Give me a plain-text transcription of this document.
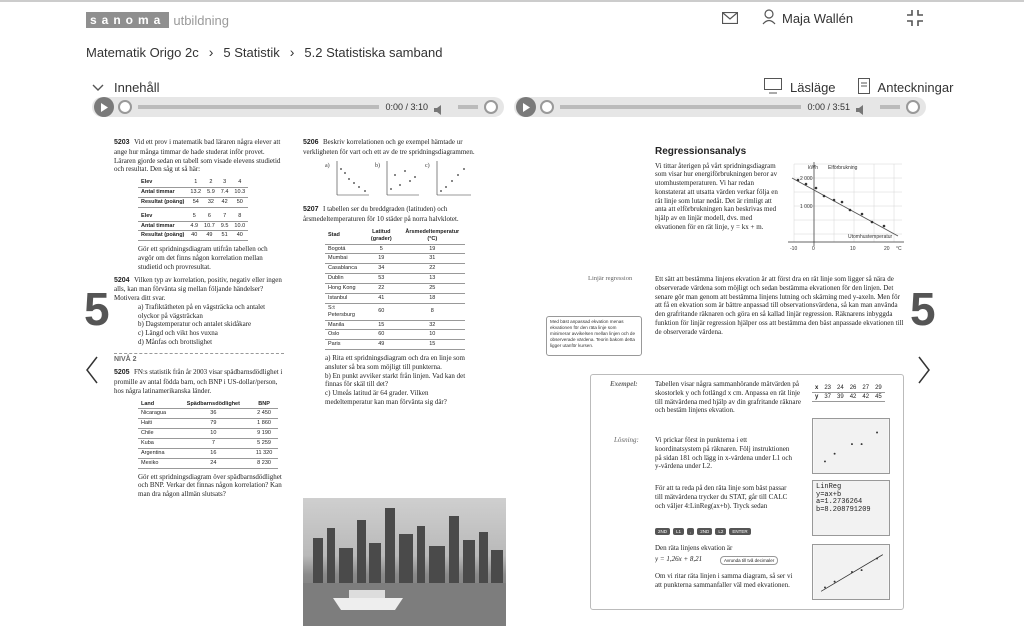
sanoma utbildning	Maja Wallén
Matematik Origo 2c › 5 Statistik › 5.2 Statistiska samband
Innehåll	Läsläge	Anteckningar
0:00 / 3:10	0:00 / 3:51
5	5
5203 Vid ett prov i matematik bad läraren några elever att ange hur många timmar de hade studerat inför provet. Läraren gjorde sedan en tabell som visade elevens studietid och resultat. Den såg ut så här:
Elev	1	2	3	4
Antal timmar	13.2	5.9	7.4	10.3
Resultat (poäng)	54	32	42	50
Elev	5	6	7	8
Antal timmar	4.9	10.7	9.5	10.0
Resultat (poäng)	40	49	51	40
Gör ett spridningsdiagram utifrån tabellen och avgör om det finns någon korrelation mellan studietid och provresultat.
5204 Vilken typ av korrelation, positiv, negativ eller ingen alls, kan man förvänta sig mellan följande händelser? Motivera ditt svar.
a) Trafiktätheten på en vägsträcka och antalet olyckor på vägsträckan
b) Dagstemperatur och antalet skidåkare
c) Längd och vikt hos vuxna
d) Månfas och brottslighet
NIVÅ 2
5205 FN:s statistik från år 2003 visar spädbarnsdödlighet i promille av antal födda barn, och BNP i US-dollar/person, hos några latinamerikanska länder.
Land	Spädbarnsdödlighet	BNP
Nicaragua	36	2 450
Haiti	79	1 860
Chile	10	9 190
Kuba	7	5 259
Argentina	16	11 320
Mexiko	24	8 230
Gör ett spridningsdiagram över spädbarnsdödlighet och BNP. Verkar det finnas någon korrelation? Kan man dra någon allmän slutsats?
5206 Beskriv korrelationen och ge exempel hämtade ur verkligheten för vart och ett av de tre spridningsdiagrammen.
a)	b)	c)
5207 I tabellen ser du breddgraden (latituden) och årsmedeltemperaturen för 10 städer på norra halvklotet.
Stad	Latitud (grader)	Årsmedeltemperatur (°C)
Bogotá	5	19
Mumbai	19	31
Casablanca	34	22
Dublin	53	13
Hong Kong	22	25
Istanbul	41	18
S:t Petersburg	60	8
Manila	15	32
Oslo	60	10
Paris	49	15
a) Rita ett spridningsdiagram och dra en linje som ansluter så bra som möjligt till punkterna.
b) En punkt avviker starkt från linjen. Vad kan det finnas för skäl till det?
c) Umeås latitud är 64 grader. Vilken medeltemperatur kan man förvänta sig där?
Regressionsanalys
Vi tittar återigen på vårt spridningsdiagram som visar hur energiförbrukningen beror av utomhustemperaturen. Vi har redan konstaterat att utsatta värden verkar följa en rät linje som lutar nedåt. Det är rimligt att anta att elförbrukningen kan beskrivas med hjälp av en linjär modell, dvs. med ekvationen för en rät linje, y = kx + m.
kWh Elförbrukning
2 000
1 000
Utomhustemperatur
-10	0	10	20 °C
Linjär regression	Ett sätt att bestämma linjens ekvation är att först dra en rät linje som ligger så nära de observerade värdena som möjligt och sedan bestämma ekvationen för den linjen. Det senare gör man genom att bestämma linjens lutning och skärning med y-axeln. Men för att få en ekvation som är bättre anpassad till observationsvärdena, så kan man använda den grafritande räknaren och göra en så kallad linjär regression. Räknarens inbyggda funktion för linjär regression hjälper oss att bestämma den bäst anpassade ekvationen till de observerade värdena.
Med bäst anpassad ekvation menas ekvationen för den räta linje som minimerar avvikelsen mellan linjen och de observerade värdena. Teorin bakom detta ligger utanför kursen.
Exempel:	Tabellen visar några sammanhörande mätvärden på skostorlek y och fotlängd x cm. Anpassa en rät linje till mätvärdena med hjälp av din grafritande räknare och bestäm linjens ekvation.
x	23	24	26	27	29
y	37	39	42	42	45
Lösning:	Vi prickar först in punkterna i ett koordinatsystem på räknaren. Följ instruktionen på sidan 181 och lägg in x-värdena under L1 och y-värdena under L2.
För att ta reda på den räta linje som bäst passar till mätvärdena trycker du STAT, går till CALC och väljer 4:LinReg(ax+b). Tryck sedan
2ND	L1	,	2ND	L2	ENTER
Den räta linjens ekvation är
y = 1,26x + 8,21	Avrunda till två decimaler
Om vi ritar räta linjen i samma diagram, så ser vi att punkterna sammanfaller väl med ekvationen.
LinReg
y=ax+b
a=1.2736264
b=8.208791209
